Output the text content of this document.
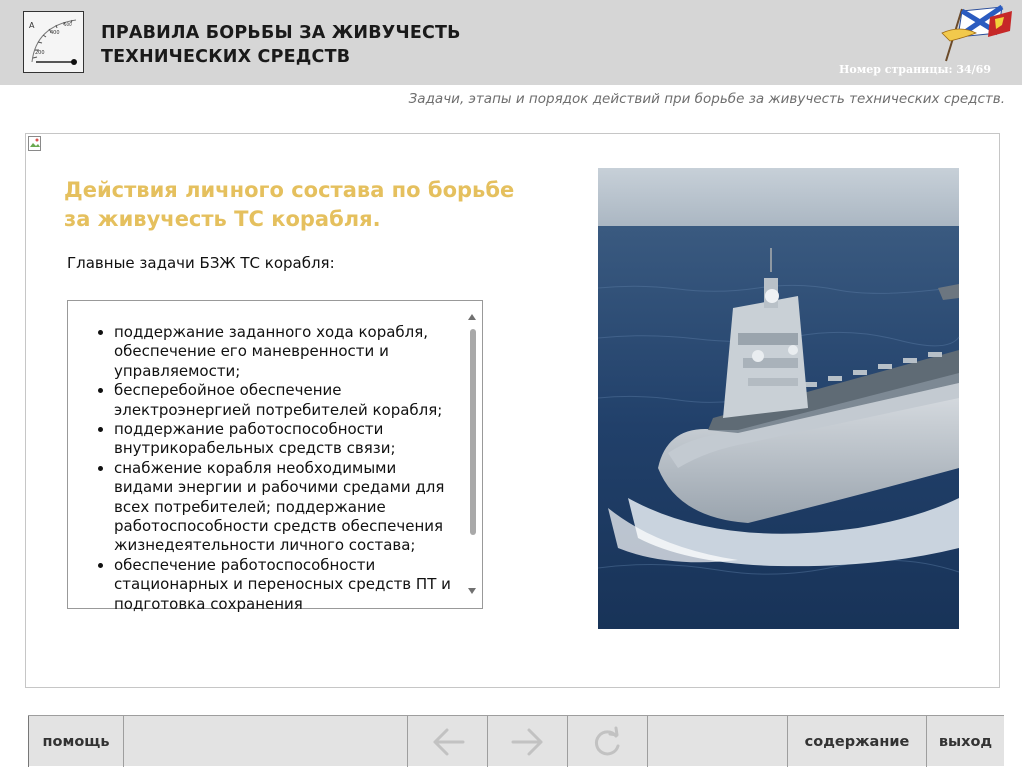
A
400
500
200
ПРАВИЛА БОРЬБЫ ЗА ЖИВУЧЕСТЬ
ТЕХНИЧЕСКИХ СРЕДСТВ
Номер страницы: 34/69
Задачи, этапы и порядок действий при борьбе за живучесть технических средств.
Действия личного состава по борьбе за живучесть ТС корабля.
Главные задачи БЗЖ ТС корабля:
• поддержание заданного хода корабля, обеспечение его маневренности и управляемости;
• бесперебойное обеспечение электроэнергией потребителей корабля;
• поддержание работоспособности внутрикорабельных средств связи;
• снабжение корабля необходимыми видами энергии и рабочими средами для всех потребителей; поддержание работоспособности средств обеспечения жизнедеятельности личного состава;
• обеспечение работоспособности стационарных и переносных средств ПТ и подготовка сохранения
помощь	содержание выход
